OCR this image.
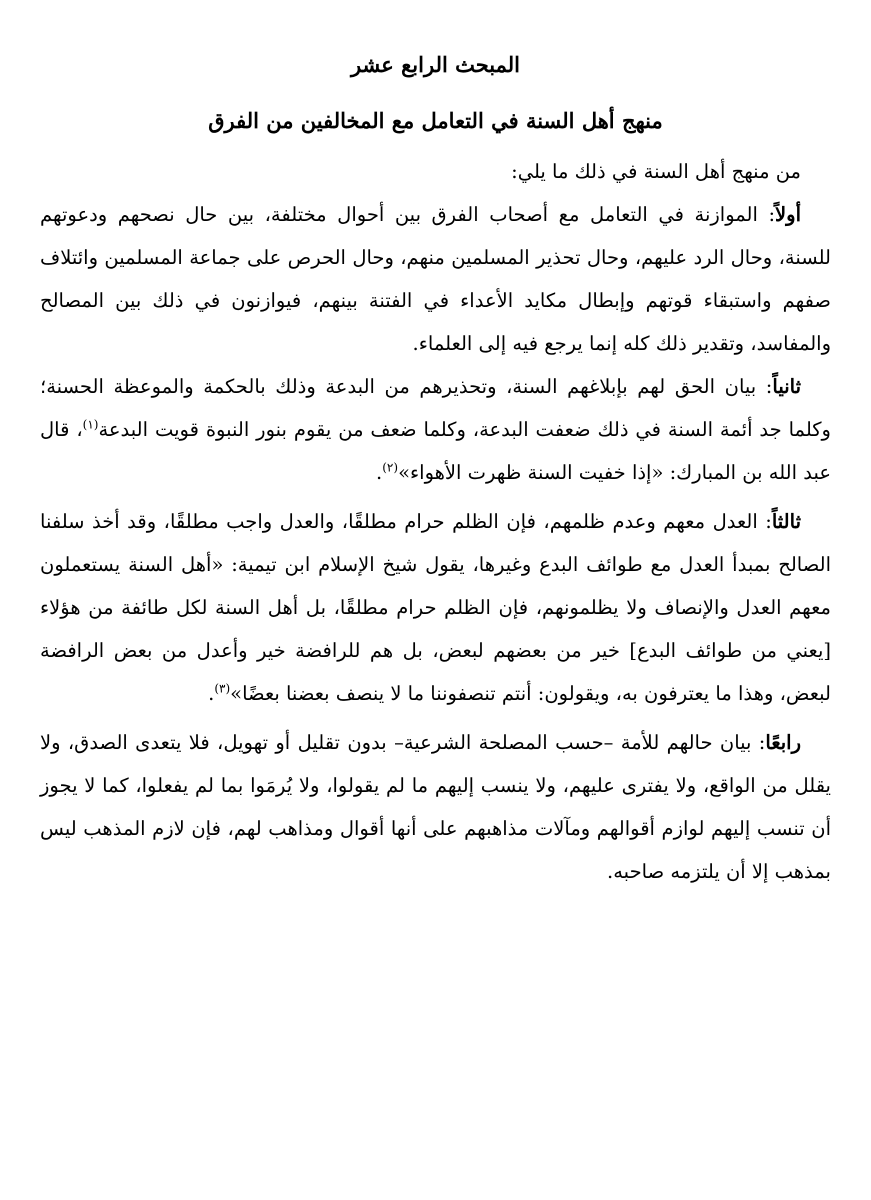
المبحث الرابع عشر
منهج أهل السنة في التعامل مع المخالفين من الفرق

من منهج أهل السنة في ذلك ما يلي:

أولاً: الموازنة في التعامل مع أصحاب الفرق بين أحوال مختلفة، بين حال نصحهم ودعوتهم للسنة، وحال الرد عليهم، وحال تحذير المسلمين منهم، وحال الحرص على جماعة المسلمين وائتلاف صفهم واستبقاء قوتهم وإبطال مكايد الأعداء في الفتنة بينهم، فيوازنون في ذلك بين المصالح والمفاسد، وتقدير ذلك كله إنما يرجع فيه إلى العلماء.

ثانياً: بيان الحق لهم بإبلاغهم السنة، وتحذيرهم من البدعة وذلك بالحكمة والموعظة الحسنة؛ وكلما جد أئمة السنة في ذلك ضعفت البدعة، وكلما ضعف من يقوم بنور النبوة قويت البدعة$^{(١)}$، قال عبد الله بن المبارك: «إذا خفيت السنة ظهرت الأهواء»$^{(٢)}$.

ثالثاً: العدل معهم وعدم ظلمهم، فإن الظلم حرام مطلقًا، والعدل واجب مطلقًا، وقد أخذ سلفنا الصالح بمبدأ العدل مع طوائف البدع وغيرها، يقول شيخ الإسلام ابن تيمية: «أهل السنة يستعملون معهم العدل والإنصاف ولا يظلمونهم، فإن الظلم حرام مطلقًا، بل أهل السنة لكل طائفة من هؤلاء [يعني من طوائف البدع] خير من بعضهم لبعض، بل هم للرافضة خير وأعدل من بعض الرافضة لبعض، وهذا ما يعترفون به، ويقولون: أنتم تنصفوننا ما لا ينصف بعضنا بعضًا»$^{(٣)}$.

رابعًا: بيان حالهم للأمة –حسب المصلحة الشرعية– بدون تقليل أو تهويل، فلا يتعدى الصدق، ولا يقلل من الواقع، ولا يفترى عليهم، ولا ينسب إليهم ما لم يقولوا، ولا يُرمَوا بما لم يفعلوا، كما لا يجوز أن تنسب إليهم لوازم أقوالهم ومآلات مذاهبهم على أنها أقوال ومذاهب لهم، فإن لازم المذهب ليس بمذهب إلا أن يلتزمه صاحبه.
